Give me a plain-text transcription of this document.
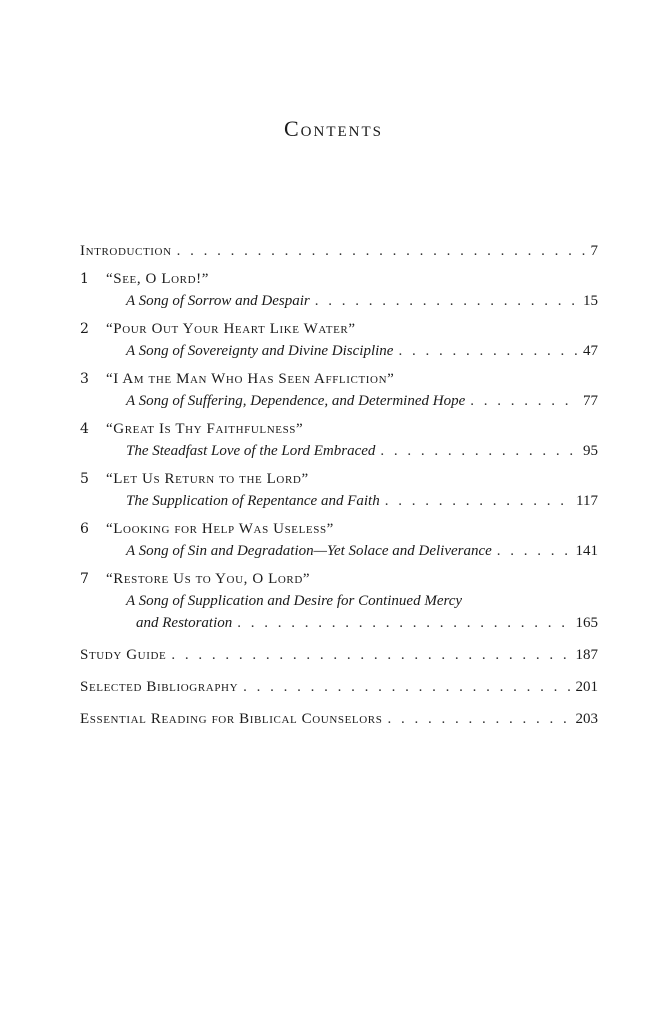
Contents
Introduction . . .	7
1	“See, O Lord!”
A Song of Sorrow and Despair . . .	15
2	“Pour Out Your Heart Like Water”
A Song of Sovereignty and Divine Discipline . . .	47
3	“I Am the Man Who Has Seen Affliction”
A Song of Suffering, Dependence, and Determined Hope . . .	77
4	“Great Is Thy Faithfulness”
The Steadfast Love of the Lord Embraced . . .	95
5	“Let Us Return to the Lord”
The Supplication of Repentance and Faith . . .	117
6	“Looking for Help Was Useless”
A Song of Sin and Degradation—Yet Solace and Deliverance . . .	141
7	“Restore Us to You, O Lord”
A Song of Supplication and Desire for Continued Mercy
and Restoration . . .	165
Study Guide . . .	187
Selected Bibliography . . .	201
Essential Reading for Biblical Counselors . . .	203
